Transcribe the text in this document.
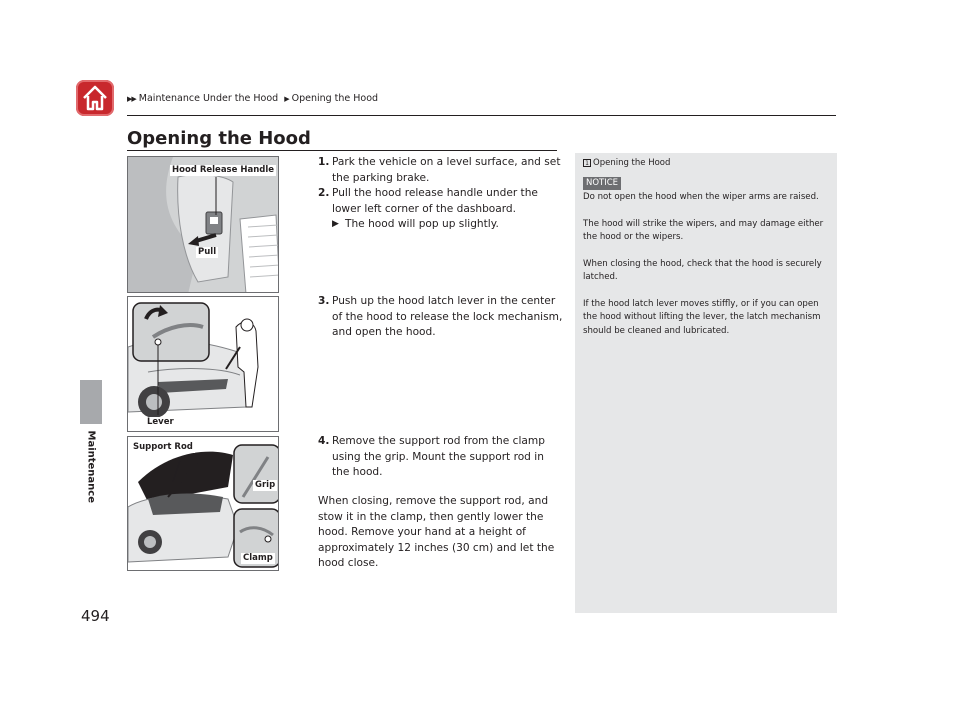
▶▶ Maintenance Under the Hood ▶ Opening the Hood
Maintenance
494
Opening the Hood
Hood Release Handle
Pull
Lever
Support Rod
Grip
Clamp
1. Park the vehicle on a level surface, and set the parking brake.
2. Pull the hood release handle under the lower left corner of the dashboard.
▶ The hood will pop up slightly.
3. Push up the hood latch lever in the center of the hood to release the lock mechanism, and open the hood.
4. Remove the support rod from the clamp using the grip. Mount the support rod in the hood.
When closing, remove the support rod, and stow it in the clamp, then gently lower the hood. Remove your hand at a height of approximately 12 inches (30 cm) and let the hood close.
1 Opening the Hood
NOTICE
Do not open the hood when the wiper arms are raised.
The hood will strike the wipers, and may damage either the hood or the wipers.
When closing the hood, check that the hood is securely latched.
If the hood latch lever moves stiffly, or if you can open the hood without lifting the lever, the latch mechanism should be cleaned and lubricated.
